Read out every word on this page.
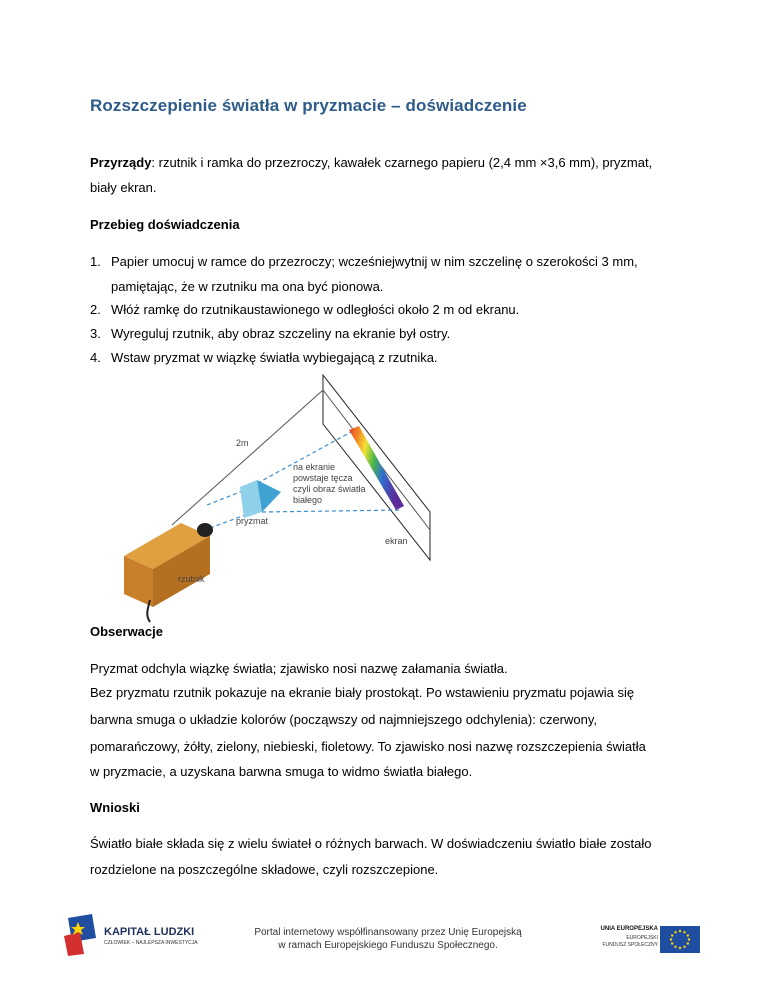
Rozszczepienie światła w pryzmacie – doświadczenie
Przyrządy: rzutnik i ramka do przezroczy, kawałek czarnego papieru (2,4 mm ×3,6 mm), pryzmat,
biały ekran.
Przebieg doświadczenia
1. Papier umocuj w ramce do przezroczy; wcześniejwytnij w nim szczelinę o szerokości 3 mm,
pamiętając, że w rzutniku ma ona być pionowa.
2. Włóż ramkę do rzutnikaustawionego w odległości około 2 m od ekranu.
3. Wyreguluj rzutnik, aby obraz szczeliny na ekranie był ostry.
4. Wstaw pryzmat w wiązkę światła wybiegającą z rzutnika.
2m
na ekranie
powstaje tęcza
czyli obraz światła
białego
pryzmat
ekran
rzutnik
Obserwacje
Pryzmat odchyla wiązkę światła; zjawisko nosi nazwę załamania światła.
Bez pryzmatu rzutnik pokazuje na ekranie biały prostokąt. Po wstawieniu pryzmatu pojawia się
barwna smuga o układzie kolorów (począwszy od najmniejszego odchylenia): czerwony,
pomarańczowy, żółty, zielony, niebieski, fioletowy. To zjawisko nosi nazwę rozszczepienia światła
w pryzmacie, a uzyskana barwna smuga to widmo światła białego.
Wnioski
Światło białe składa się z wielu świateł o różnych barwach. W doświadczeniu światło białe zostało
rozdzielone na poszczególne składowe, czyli rozszczepione.
KAPITAŁ LUDZKI
CZŁOWIEK – NAJLEPSZA INWESTYCJA
Portal internetowy współfinansowany przez Unię Europejską
w ramach Europejskiego Funduszu Społecznego.
UNIA EUROPEJSKA
EUROPEJSKI
FUNDUSZ SPOŁECZNY
